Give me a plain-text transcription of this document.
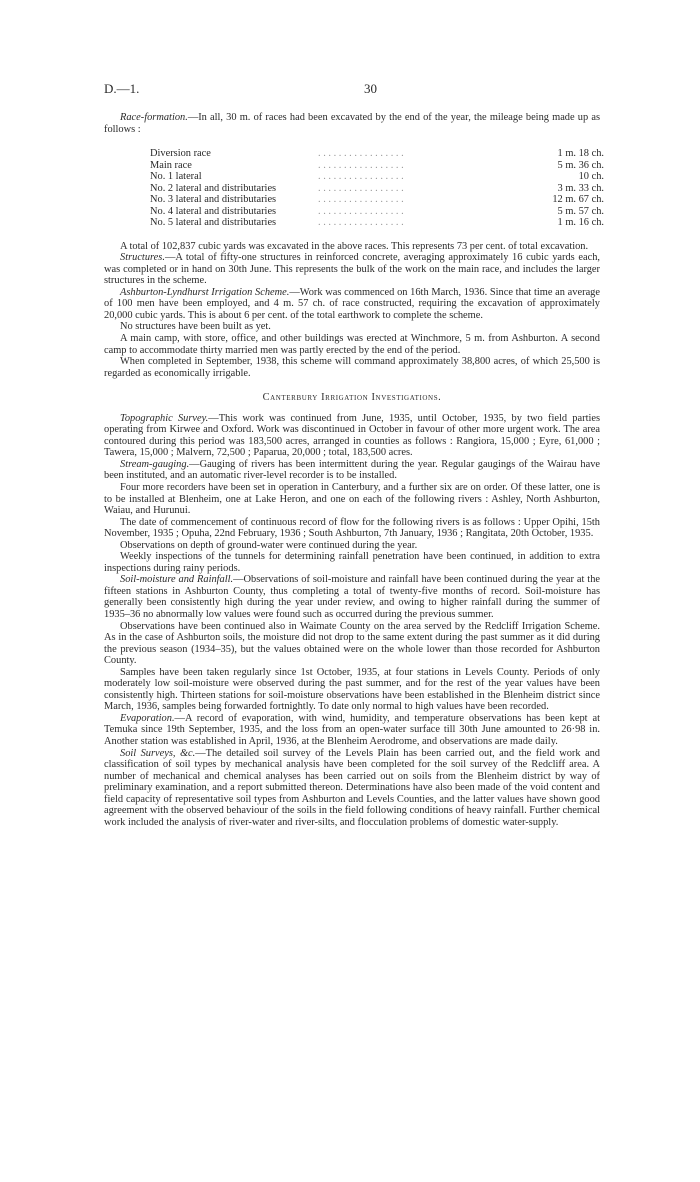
D.—1.	30

Race-formation.—In all, 30 m. of races had been excavated by the end of the year, the mileage being made up as follows :

Diversion race	. . . . . . . . . . . . . . . . .	1 m. 18 ch.
Main race	. . . . . . . . . . . . . . . . .	5 m. 36 ch.
No. 1 lateral	. . . . . . . . . . . . . . . . .	10 ch.
No. 2 lateral and distributaries	. . . . . . . . . . . . . . . . .	3 m. 33 ch.
No. 3 lateral and distributaries	. . . . . . . . . . . . . . . . .	12 m. 67 ch.
No. 4 lateral and distributaries	. . . . . . . . . . . . . . . . .	5 m. 57 ch.
No. 5 lateral and distributaries	. . . . . . . . . . . . . . . . .	1 m. 16 ch.

A total of 102,837 cubic yards was excavated in the above races. This represents 73 per cent. of total excavation.

Structures.—A total of fifty-one structures in reinforced concrete, averaging approximately 16 cubic yards each, was completed or in hand on 30th June. This represents the bulk of the work on the main race, and includes the larger structures in the scheme.

Ashburton-Lyndhurst Irrigation Scheme.—Work was commenced on 16th March, 1936. Since that time an average of 100 men have been employed, and 4 m. 57 ch. of race constructed, requiring the excavation of approximately 20,000 cubic yards. This is about 6 per cent. of the total earthwork to complete the scheme.

No structures have been built as yet.

A main camp, with store, office, and other buildings was erected at Winchmore, 5 m. from Ashburton. A second camp to accommodate thirty married men was partly erected by the end of the period.

When completed in September, 1938, this scheme will command approximately 38,800 acres, of which 25,500 is regarded as economically irrigable.

Canterbury Irrigation Investigations.

Topographic Survey.—This work was continued from June, 1935, until October, 1935, by two field parties operating from Kirwee and Oxford. Work was discontinued in October in favour of other more urgent work. The area contoured during this period was 183,500 acres, arranged in counties as follows : Rangiora, 15,000 ; Eyre, 61,000 ; Tawera, 15,000 ; Malvern, 72,500 ; Paparua, 20,000 ; total, 183,500 acres.

Stream-gauging.—Gauging of rivers has been intermittent during the year. Regular gaugings of the Wairau have been instituted, and an automatic river-level recorder is to be installed.

Four more recorders have been set in operation in Canterbury, and a further six are on order. Of these latter, one is to be installed at Blenheim, one at Lake Heron, and one on each of the following rivers : Ashley, North Ashburton, Waiau, and Hurunui.

The date of commencement of continuous record of flow for the following rivers is as follows : Upper Opihi, 15th November, 1935 ; Opuha, 22nd February, 1936 ; South Ashburton, 7th January, 1936 ; Rangitata, 20th October, 1935.

Observations on depth of ground-water were continued during the year.

Weekly inspections of the tunnels for determining rainfall penetration have been continued, in addition to extra inspections during rainy periods.

Soil-moisture and Rainfall.—Observations of soil-moisture and rainfall have been continued during the year at the fifteen stations in Ashburton County, thus completing a total of twenty-five months of record. Soil-moisture has generally been consistently high during the year under review, and owing to higher rainfall during the summer of 1935–36 no abnormally low values were found such as occurred during the previous summer.

Observations have been continued also in Waimate County on the area served by the Redcliff Irrigation Scheme. As in the case of Ashburton soils, the moisture did not drop to the same extent during the past summer as it did during the previous season (1934–35), but the values obtained were on the whole lower than those recorded for Ashburton County.

Samples have been taken regularly since 1st October, 1935, at four stations in Levels County. Periods of only moderately low soil-moisture were observed during the past summer, and for the rest of the year values have been consistently high. Thirteen stations for soil-moisture observations have been established in the Blenheim district since March, 1936, samples being forwarded fortnightly. To date only normal to high values have been recorded.

Evaporation.—A record of evaporation, with wind, humidity, and temperature observations has been kept at Temuka since 19th September, 1935, and the loss from an open-water surface till 30th June amounted to 26·98 in. Another station was established in April, 1936, at the Blenheim Aerodrome, and observations are made daily.

Soil Surveys, &c.—The detailed soil survey of the Levels Plain has been carried out, and the field work and classification of soil types by mechanical analysis have been completed for the soil survey of the Redcliff area. A number of mechanical and chemical analyses has been carried out on soils from the Blenheim district by way of preliminary examination, and a report submitted thereon. Determinations have also been made of the void content and field capacity of representative soil types from Ashburton and Levels Counties, and the latter values have shown good agreement with the observed behaviour of the soils in the field following conditions of heavy rainfall. Further chemical work included the analysis of river-water and river-silts, and flocculation problems of domestic water-supply.
